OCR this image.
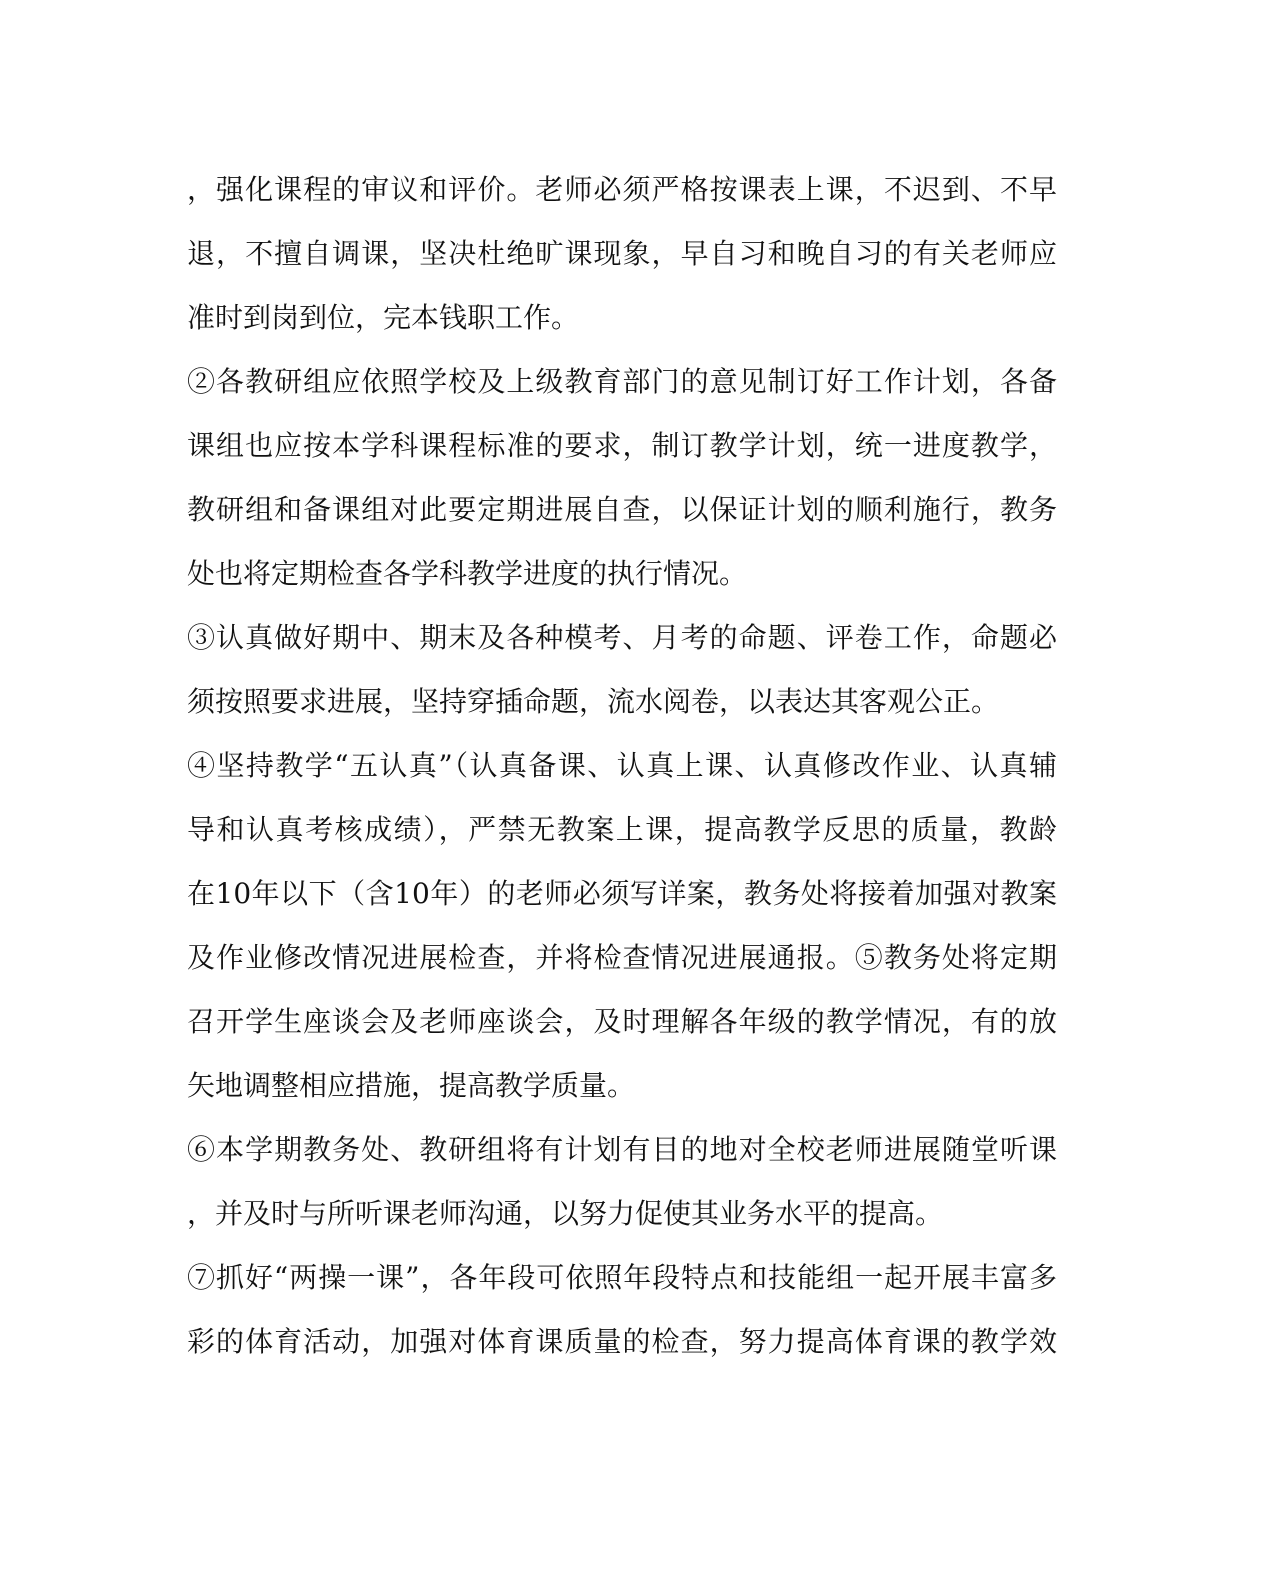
，强化课程的审议和评价。老师必须严格按课表上课，不迟到、不早
退，不擅自调课，坚决杜绝旷课现象，早自习和晚自习的有关老师应
准时到岗到位，完本钱职工作。
②各教研组应依照学校及上级教育部门的意见制订好工作计划，各备
课组也应按本学科课程标准的要求，制订教学计划，统一进度教学，
教研组和备课组对此要定期进展自查，以保证计划的顺利施行，教务
处也将定期检查各学科教学进度的执行情况。
③认真做好期中、期末及各种模考、月考的命题、评卷工作，命题必
须按照要求进展，坚持穿插命题，流水阅卷，以表达其客观公正。
④坚持教学“五认真”（认真备课、认真上课、认真修改作业、认真辅
导和认真考核成绩），严禁无教案上课，提高教学反思的质量，教龄
在10年以下（含10年）的老师必须写详案，教务处将接着加强对教案
及作业修改情况进展检查，并将检查情况进展通报。⑤教务处将定期
召开学生座谈会及老师座谈会，及时理解各年级的教学情况，有的放
矢地调整相应措施，提高教学质量。
⑥本学期教务处、教研组将有计划有目的地对全校老师进展随堂听课
，并及时与所听课老师沟通，以努力促使其业务水平的提高。
⑦抓好“两操一课”，各年段可依照年段特点和技能组一起开展丰富多
彩的体育活动，加强对体育课质量的检查，努力提高体育课的教学效
